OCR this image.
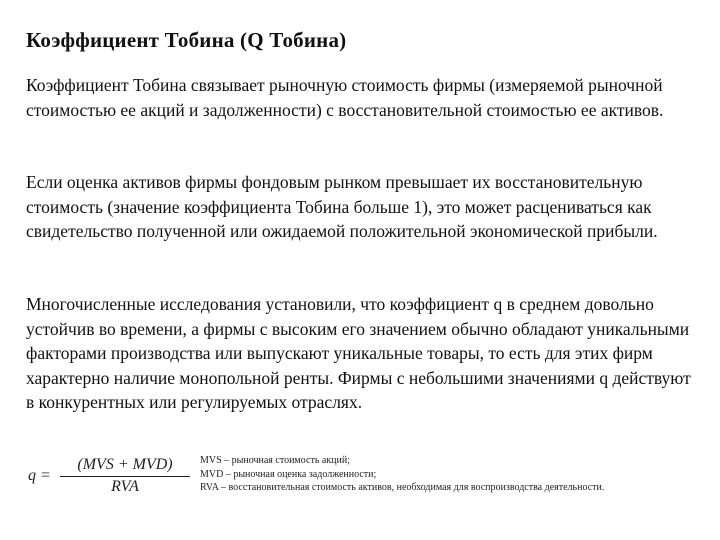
Коэффициент Тобина (Q Тобина)
Коэффициент Тобина связывает рыночную стоимость фирмы (измеряемой рыночной стоимостью ее акций и задолженности) с восстановительной стоимостью ее активов.
Если оценка активов фирмы фондовым рынком превышает их восстановительную стоимость (значение коэффициента Тобина больше 1), это может расцениваться как свидетельство полученной или ожидаемой положительной экономической прибыли.
Многочисленные исследования установили, что коэффициент q в среднем довольно устойчив во времени, а фирмы с высоким его значением обычно обладают уникальными факторами производства или выпускают уникальные товары, то есть для этих фирм характерно наличие монопольной ренты. Фирмы с небольшими значениями q действуют в конкурентных или регулируемых отраслях.
q =
(MVS + MVD)
RVA
MVS – рыночная стоимость акций;
MVD – рыночная оценка задолженности;
RVA – восстановительная стоимость активов, необходимая для воспроизводства деятельности.
